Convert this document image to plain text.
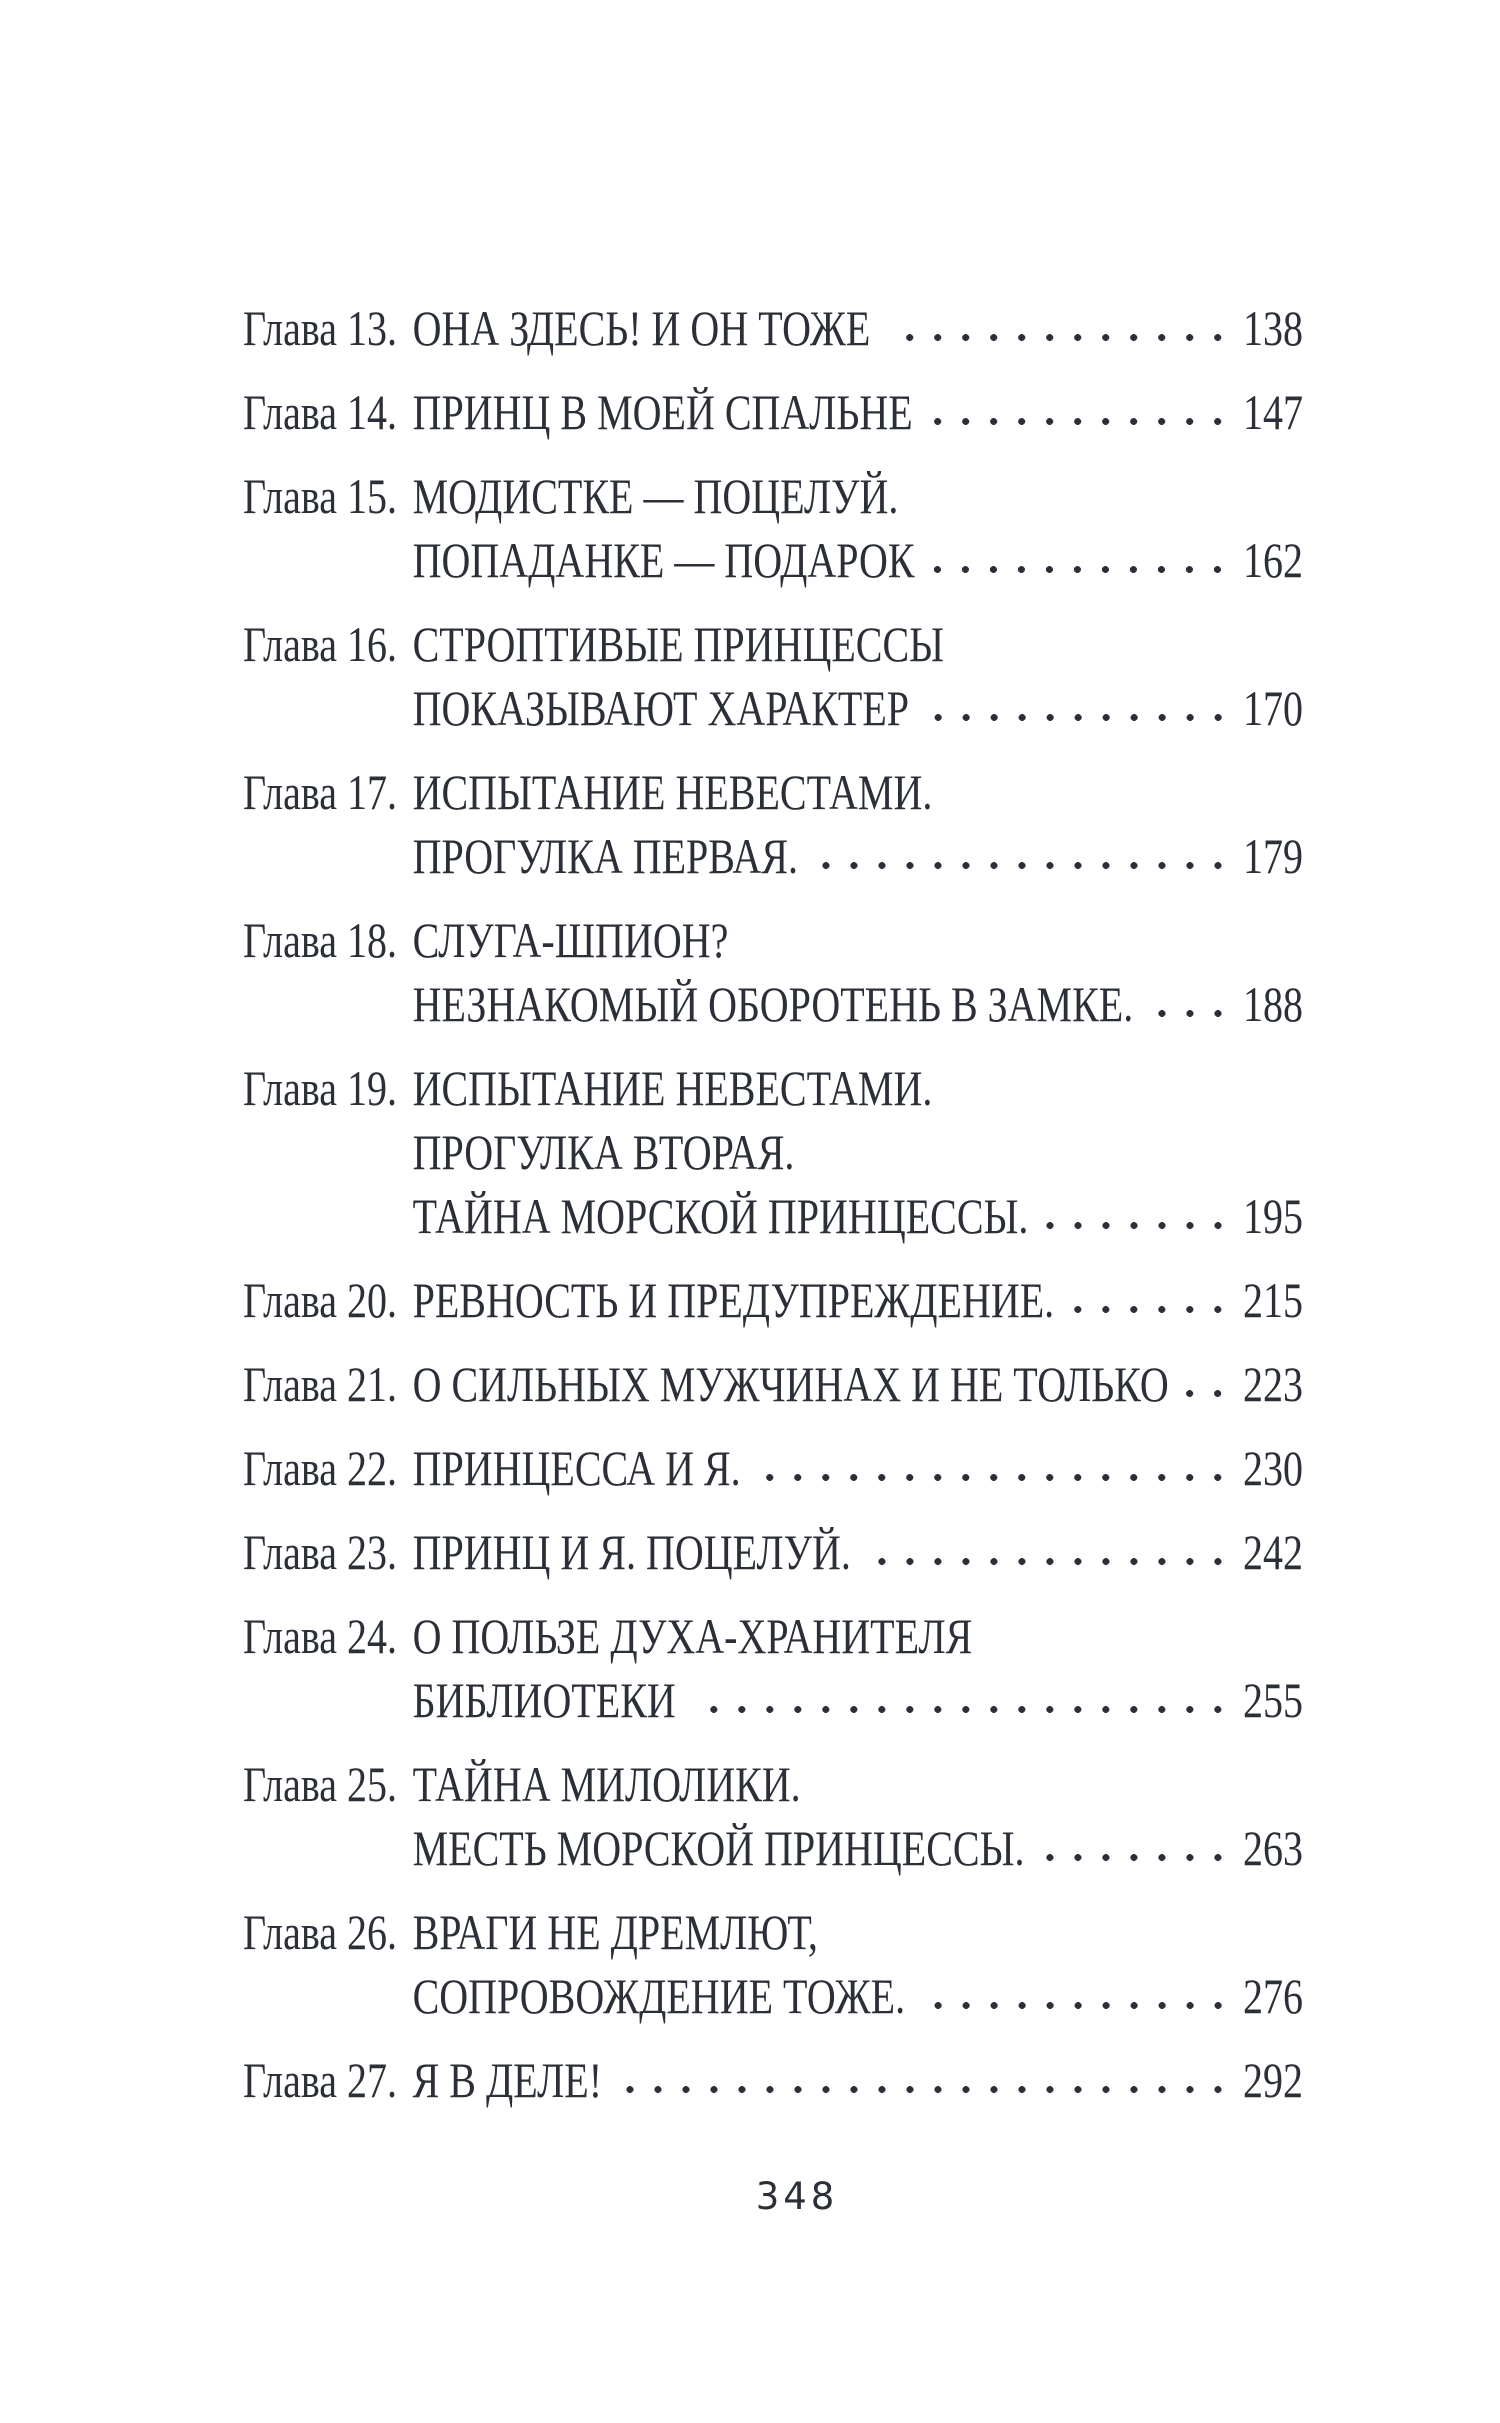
Глава 13. ОНА ЗДЕСЬ! И ОН ТОЖЕ	138
Глава 14. ПРИНЦ В МОЕЙ СПАЛЬНЕ	147
Глава 15. МОДИСТКЕ — ПОЦЕЛУЙ.
ПОПАДАНКЕ — ПОДАРОК	162
Глава 16. СТРОПТИВЫЕ ПРИНЦЕССЫ
ПОКАЗЫВАЮТ ХАРАКТЕР	170
Глава 17. ИСПЫТАНИЕ НЕВЕСТАМИ.
ПРОГУЛКА ПЕРВАЯ.	179
Глава 18. СЛУГА-ШПИОН?
НЕЗНАКОМЫЙ ОБОРОТЕНЬ В ЗАМКЕ. 188
Глава 19. ИСПЫТАНИЕ НЕВЕСТАМИ.
ПРОГУЛКА ВТОРАЯ.
ТАЙНА МОРСКОЙ ПРИНЦЕССЫ.	195
Глава 20. РЕВНОСТЬ И ПРЕДУПРЕЖДЕНИЕ.	215
Глава 21. О СИЛЬНЫХ МУЖЧИНАХ И НЕ ТОЛЬКО 223
Глава 22. ПРИНЦЕССА И Я.	230
Глава 23. ПРИНЦ И Я. ПОЦЕЛУЙ.	242
Глава 24. О ПОЛЬЗЕ ДУХА-ХРАНИТЕЛЯ
БИБЛИОТЕКИ	255
Глава 25. ТАЙНА МИЛОЛИКИ.
МЕСТЬ МОРСКОЙ ПРИНЦЕССЫ.	263
Глава 26. ВРАГИ НЕ ДРЕМЛЮТ,
СОПРОВОЖДЕНИЕ ТОЖЕ.	276
Глава 27. Я В ДЕЛЕ!	292
348
